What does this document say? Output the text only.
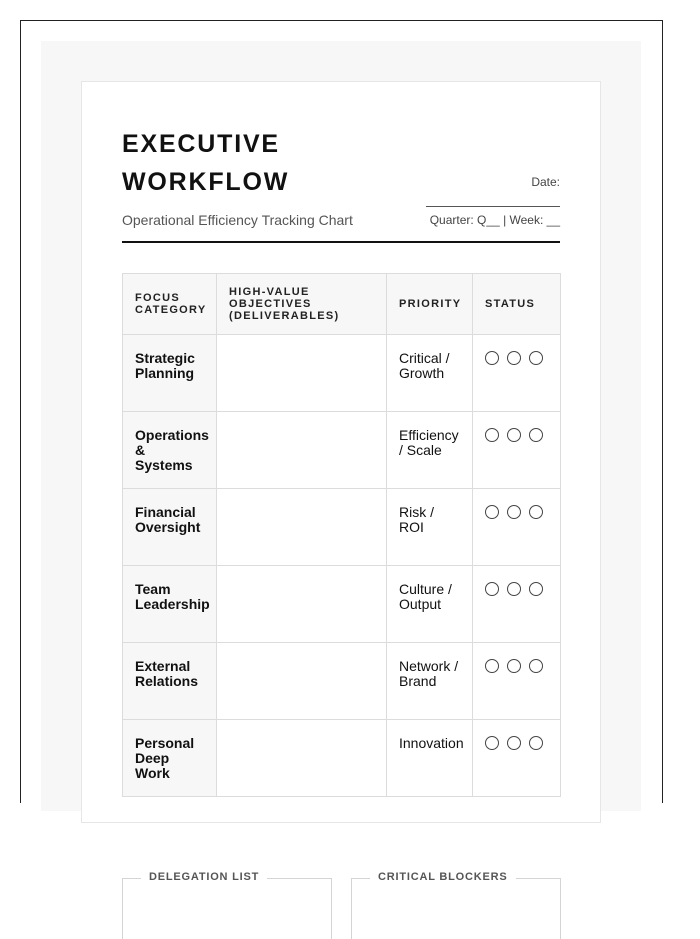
EXECUTIVE WORKFLOW

Operational Efficiency Tracking Chart

Date:
Quarter: Q__ | Week: __
FOCUS CATEGORY	HIGH-VALUE OBJECTIVES (DELIVERABLES)	PRIORITY	STATUS
Strategic Planning		Critical / Growth	

Operations & Systems		Efficiency / Scale	

Financial Oversight		Risk / ROI	

Team Leadership		Culture / Output	

External Relations		Network / Brand	

Personal Deep Work		Innovation	
DELEGATION LIST	CRITICAL BLOCKERS
